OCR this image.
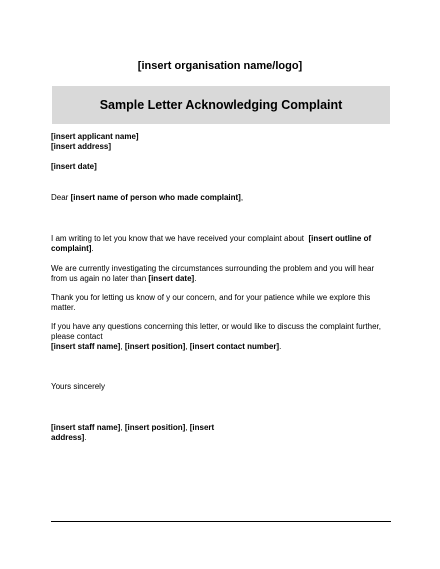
[insert organisation name/logo]
Sample Letter Acknowledging Complaint
[insert applicant name]
[insert address]
[insert date]
Dear [insert name of person who made complaint],
I am writing to let you know that we have received your complaint about [insert outline of complaint].
We are currently investigating the circumstances surrounding the problem and you will hear from us again no later than [insert date].
Thank you for letting us know of y our concern, and for your patience while we explore this matter.
If you have any questions concerning this letter, or would like to discuss the complaint further, please contact
[insert staff name], [insert position], [insert contact number].
Yours sincerely
[insert staff name], [insert position], [insert address].
